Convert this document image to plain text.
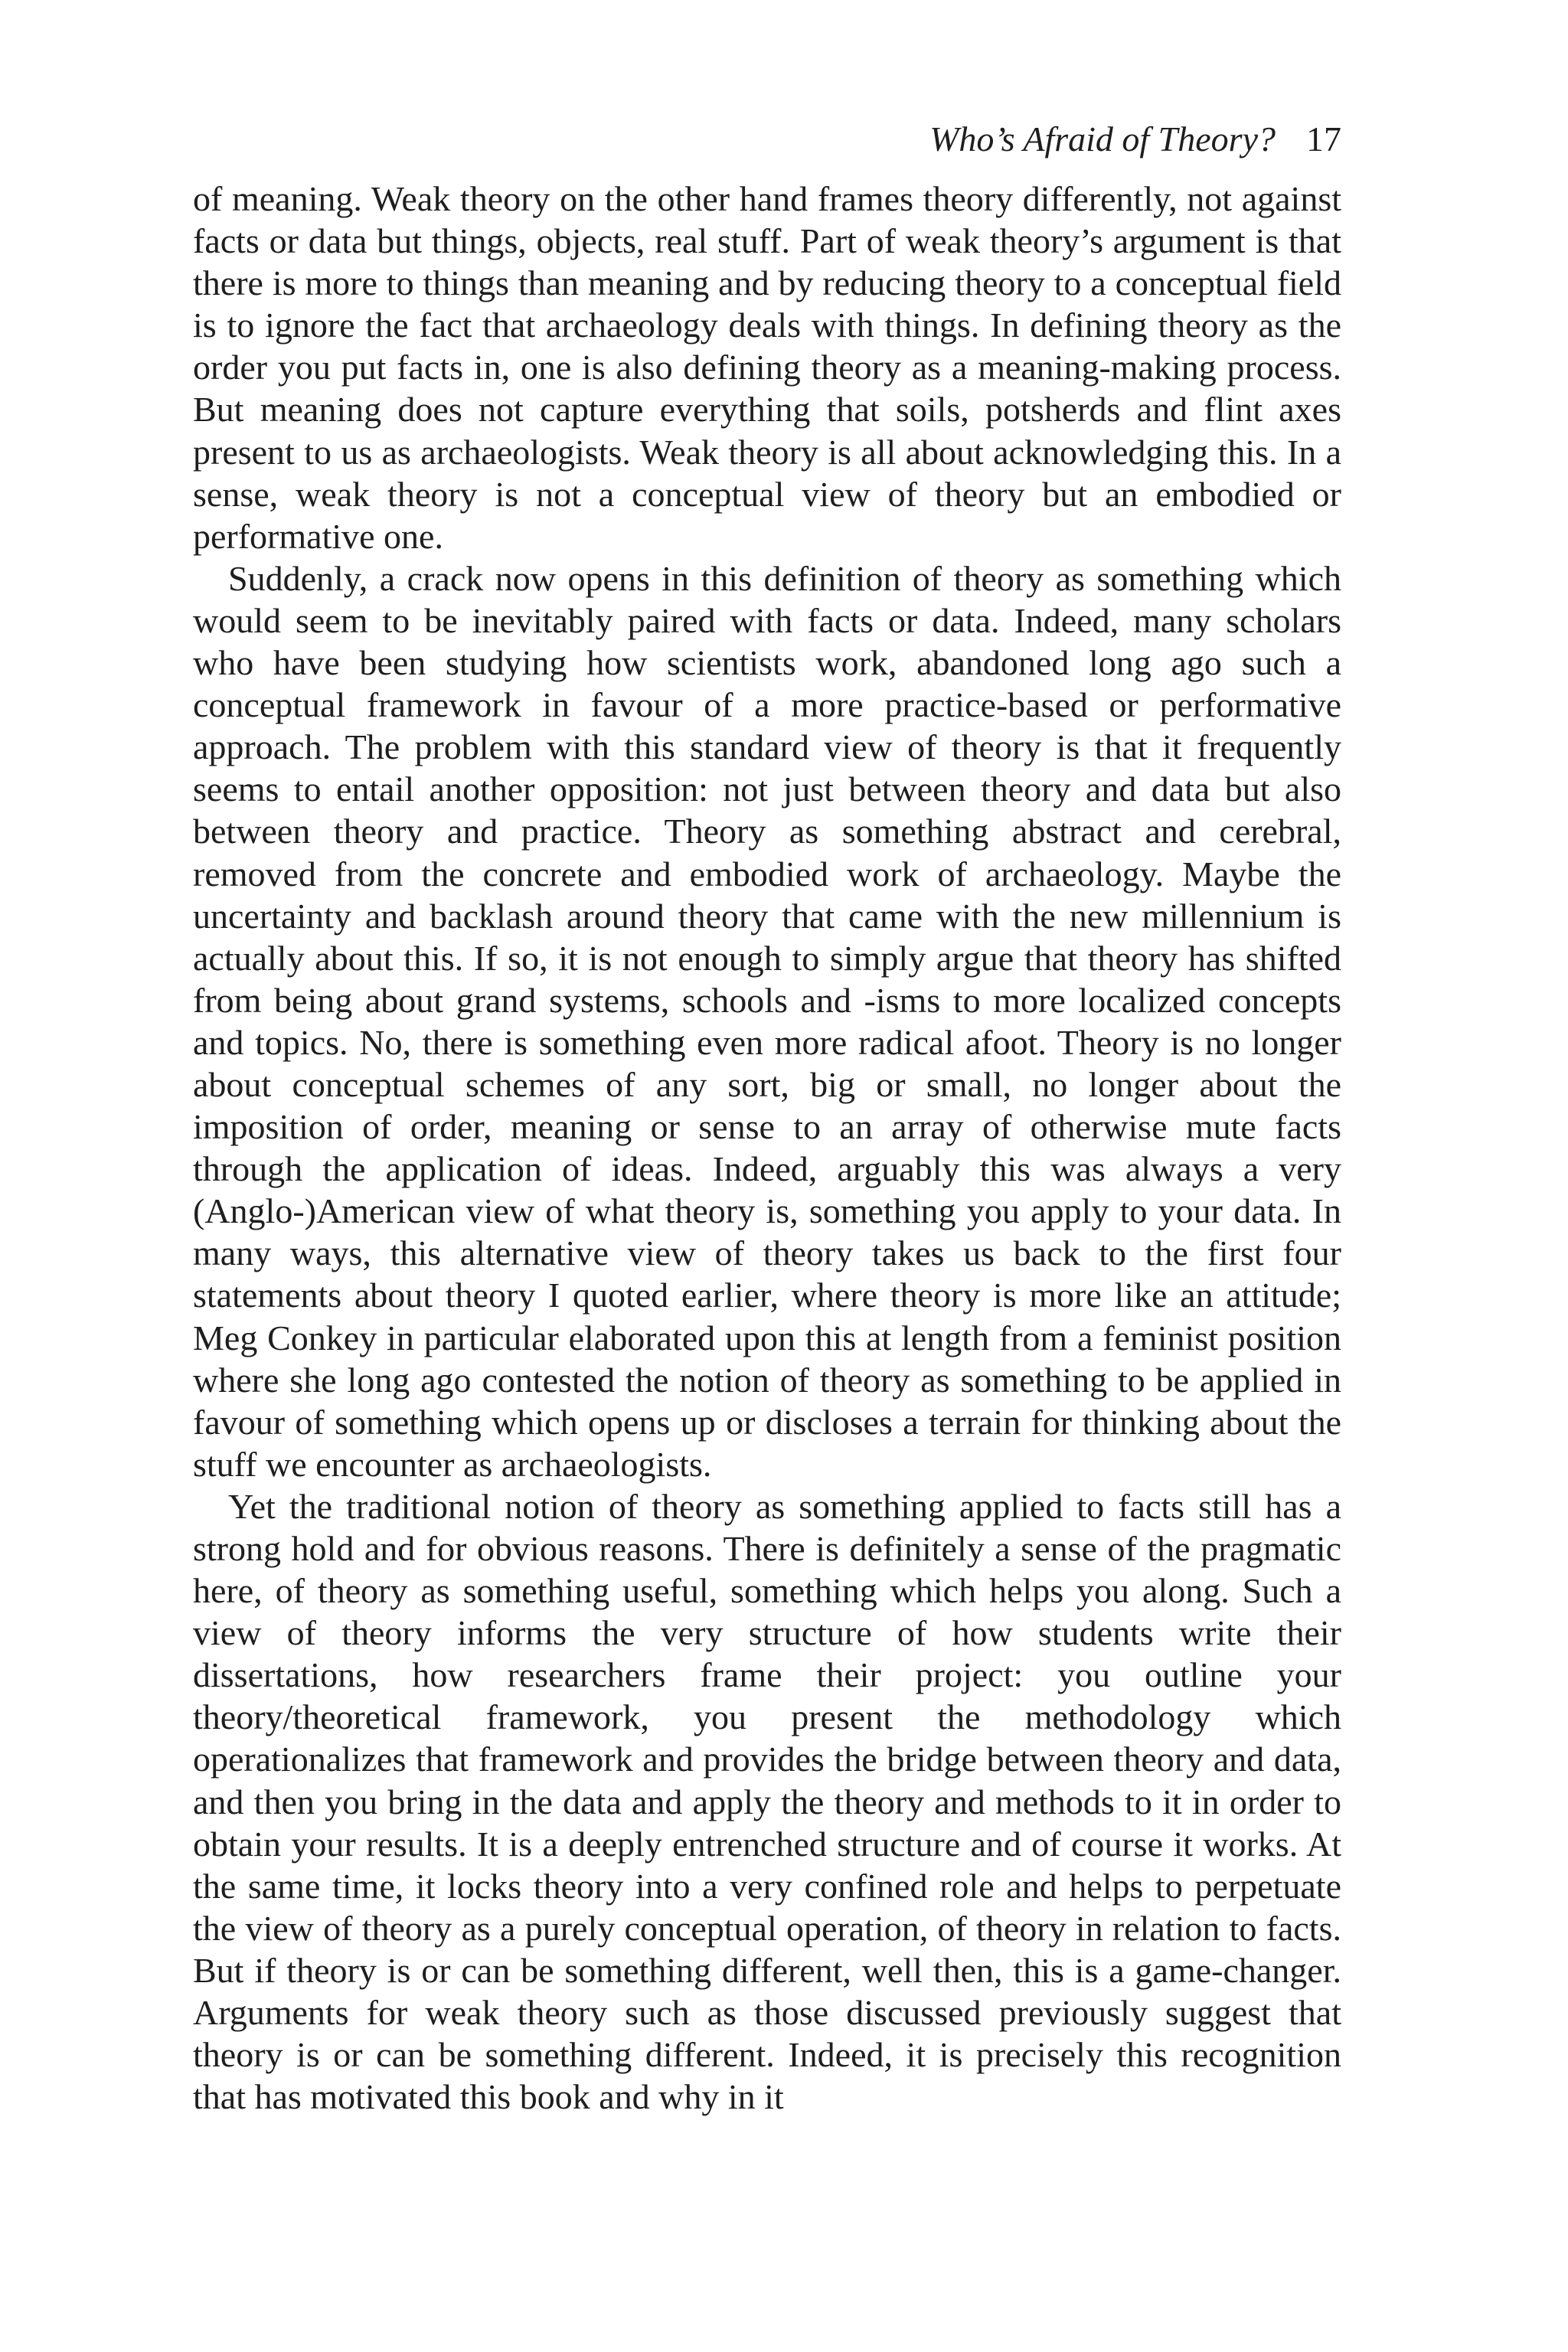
Who’s Afraid of Theory? 17

of meaning. Weak theory on the other hand frames theory differently, not against facts or data but things, objects, real stuff. Part of weak theory’s argument is that there is more to things than meaning and by reducing theory to a conceptual field is to ignore the fact that archaeology deals with things. In defining theory as the order you put facts in, one is also defining theory as a meaning-making process. But meaning does not capture everything that soils, potsherds and flint axes present to us as archaeologists. Weak theory is all about acknowledging this. In a sense, weak theory is not a conceptual view of theory but an embodied or performative one.

Suddenly, a crack now opens in this definition of theory as something which would seem to be inevitably paired with facts or data. Indeed, many scholars who have been studying how scientists work, abandoned long ago such a conceptual framework in favour of a more practice-based or performative approach. The problem with this standard view of theory is that it frequently seems to entail another opposition: not just between theory and data but also between theory and practice. Theory as something abstract and cerebral, removed from the concrete and embodied work of archaeology. Maybe the uncertainty and backlash around theory that came with the new millennium is actually about this. If so, it is not enough to simply argue that theory has shifted from being about grand systems, schools and -isms to more localized concepts and topics. No, there is something even more radical afoot. Theory is no longer about conceptual schemes of any sort, big or small, no longer about the imposition of order, meaning or sense to an array of otherwise mute facts through the application of ideas. Indeed, arguably this was always a very (Anglo-)American view of what theory is, something you apply to your data. In many ways, this alternative view of theory takes us back to the first four statements about theory I quoted earlier, where theory is more like an attitude; Meg Conkey in particular elaborated upon this at length from a feminist position where she long ago contested the notion of theory as something to be applied in favour of something which opens up or discloses a terrain for thinking about the stuff we encounter as archaeologists.

Yet the traditional notion of theory as something applied to facts still has a strong hold and for obvious reasons. There is definitely a sense of the pragmatic here, of theory as something useful, something which helps you along. Such a view of theory informs the very structure of how students write their dissertations, how researchers frame their project: you outline your theory/theoretical framework, you present the methodology which operationalizes that framework and provides the bridge between theory and data, and then you bring in the data and apply the theory and methods to it in order to obtain your results. It is a deeply entrenched structure and of course it works. At the same time, it locks theory into a very confined role and helps to perpetuate the view of theory as a purely conceptual operation, of theory in relation to facts. But if theory is or can be something different, well then, this is a game-changer. Arguments for weak theory such as those discussed previously suggest that theory is or can be something different. Indeed, it is precisely this recognition that has motivated this book and why in it
